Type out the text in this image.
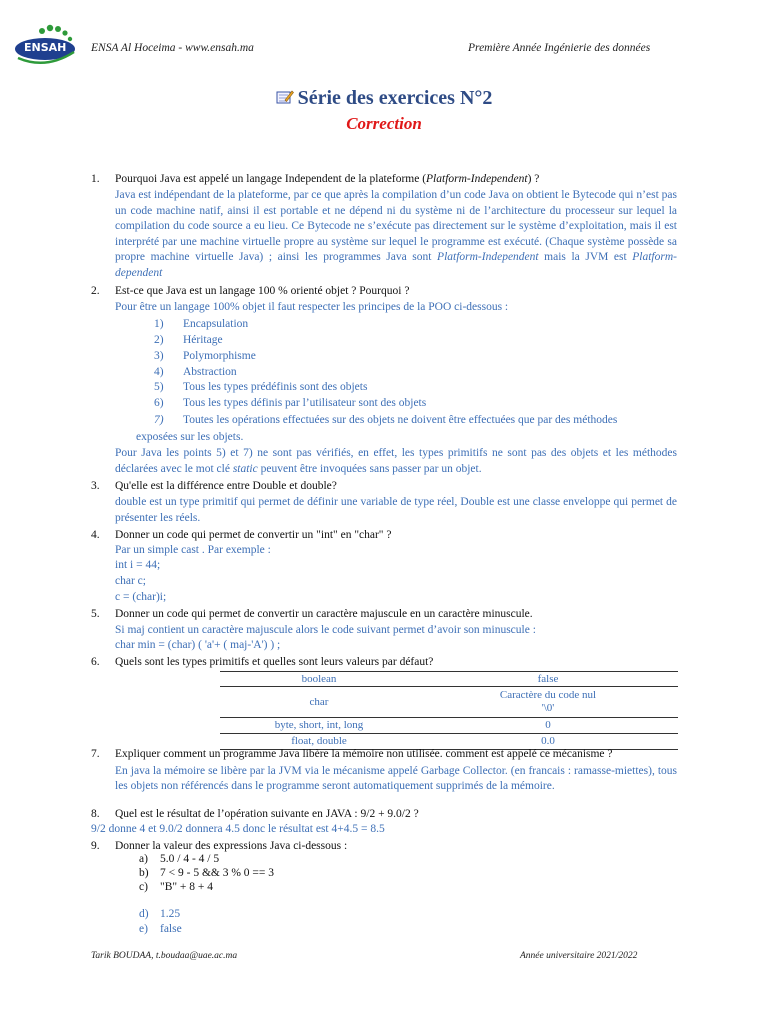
ENSAH ENSA Al Hoceima - www.ensah.ma	Première Année Ingénierie des données
Série des exercices N°2
Correction
1.	Pourquoi Java est appelé un langage Independent de la plateforme (Platform-Independent) ?
Java est indépendant de la plateforme, par ce que après la compilation d’un code Java on obtient le Bytecode qui n’est pas un code machine natif, ainsi il est portable et ne dépend ni du système ni de l’architecture du processeur sur lequel la compilation du code source a eu lieu. Ce Bytecode ne s’exécute pas directement sur le système d’exploitation, mais il est interprété par une machine virtuelle propre au système sur lequel le programme est exécuté. (Chaque système possède sa propre machine virtuelle Java) ; ainsi les programmes Java sont Platform-Independent mais la JVM est Platform-dependent
2.	Est-ce que Java est un langage 100 % orienté objet ? Pourquoi ?
Pour être un langage 100% objet il faut respecter les principes de la POO ci-dessous :
1) Encapsulation
2) Héritage
3) Polymorphisme
4) Abstraction
5) Tous les types prédéfinis sont des objets
6) Tous les types définis par l’utilisateur sont des objets
7) Toutes les opérations effectuées sur des objets ne doivent être effectuées que par des méthodes
exposées sur les objets.
Pour Java les points 5) et 7) ne sont pas vérifiés, en effet, les types primitifs ne sont pas des objets et les méthodes déclarées avec le mot clé static peuvent être invoquées sans passer par un objet.
3.	Qu'elle est la différence entre Double et double?
double est un type primitif qui permet de définir une variable de type réel, Double est une classe enveloppe qui permet de présenter les réels.
4.	Donner un code qui permet de convertir un "int" en "char" ?
Par un simple cast . Par exemple :
int i = 44;
char c;
c = (char)i;
5.	Donner un code qui permet de convertir un caractère majuscule en un caractère minuscule.
Si maj contient un caractère majuscule alors le code suivant permet d’avoir son minuscule :
char min = (char) ( 'a'+ ( maj-'A') ) ;
6.	Quels sont les types primitifs et quelles sont leurs valeurs par défaut?
boolean	false
char	Caractère du code nul
'\0'

byte, short, int, long	0
float, double	0.0
7.	Expliquer comment un programme Java libère la mémoire non utilisée. comment est appelé ce mécanisme ?
En java la mémoire se libère par la JVM via le mécanisme appelé Garbage Collector. (en francais : ramasse-miettes), tous les objets non référencés dans le programme seront automatiquement supprimés de la mémoire.
8.	Quel est le résultat de l’opération suivante en JAVA : 9/2 + 9.0/2 ?
9/2 donne 4 et 9.0/2 donnera 4.5 donc le résultat est 4+4.5 = 8.5
9.	Donner la valeur des expressions Java ci-dessous :
a) 5.0 / 4 - 4 / 5
b) 7 < 9 - 5 && 3 % 0 == 3
c) "B" + 8 + 4
d) 1.25
e) false
Tarik BOUDAA, t.boudaa@uae.ac.ma	Année universitaire 2021/2022
